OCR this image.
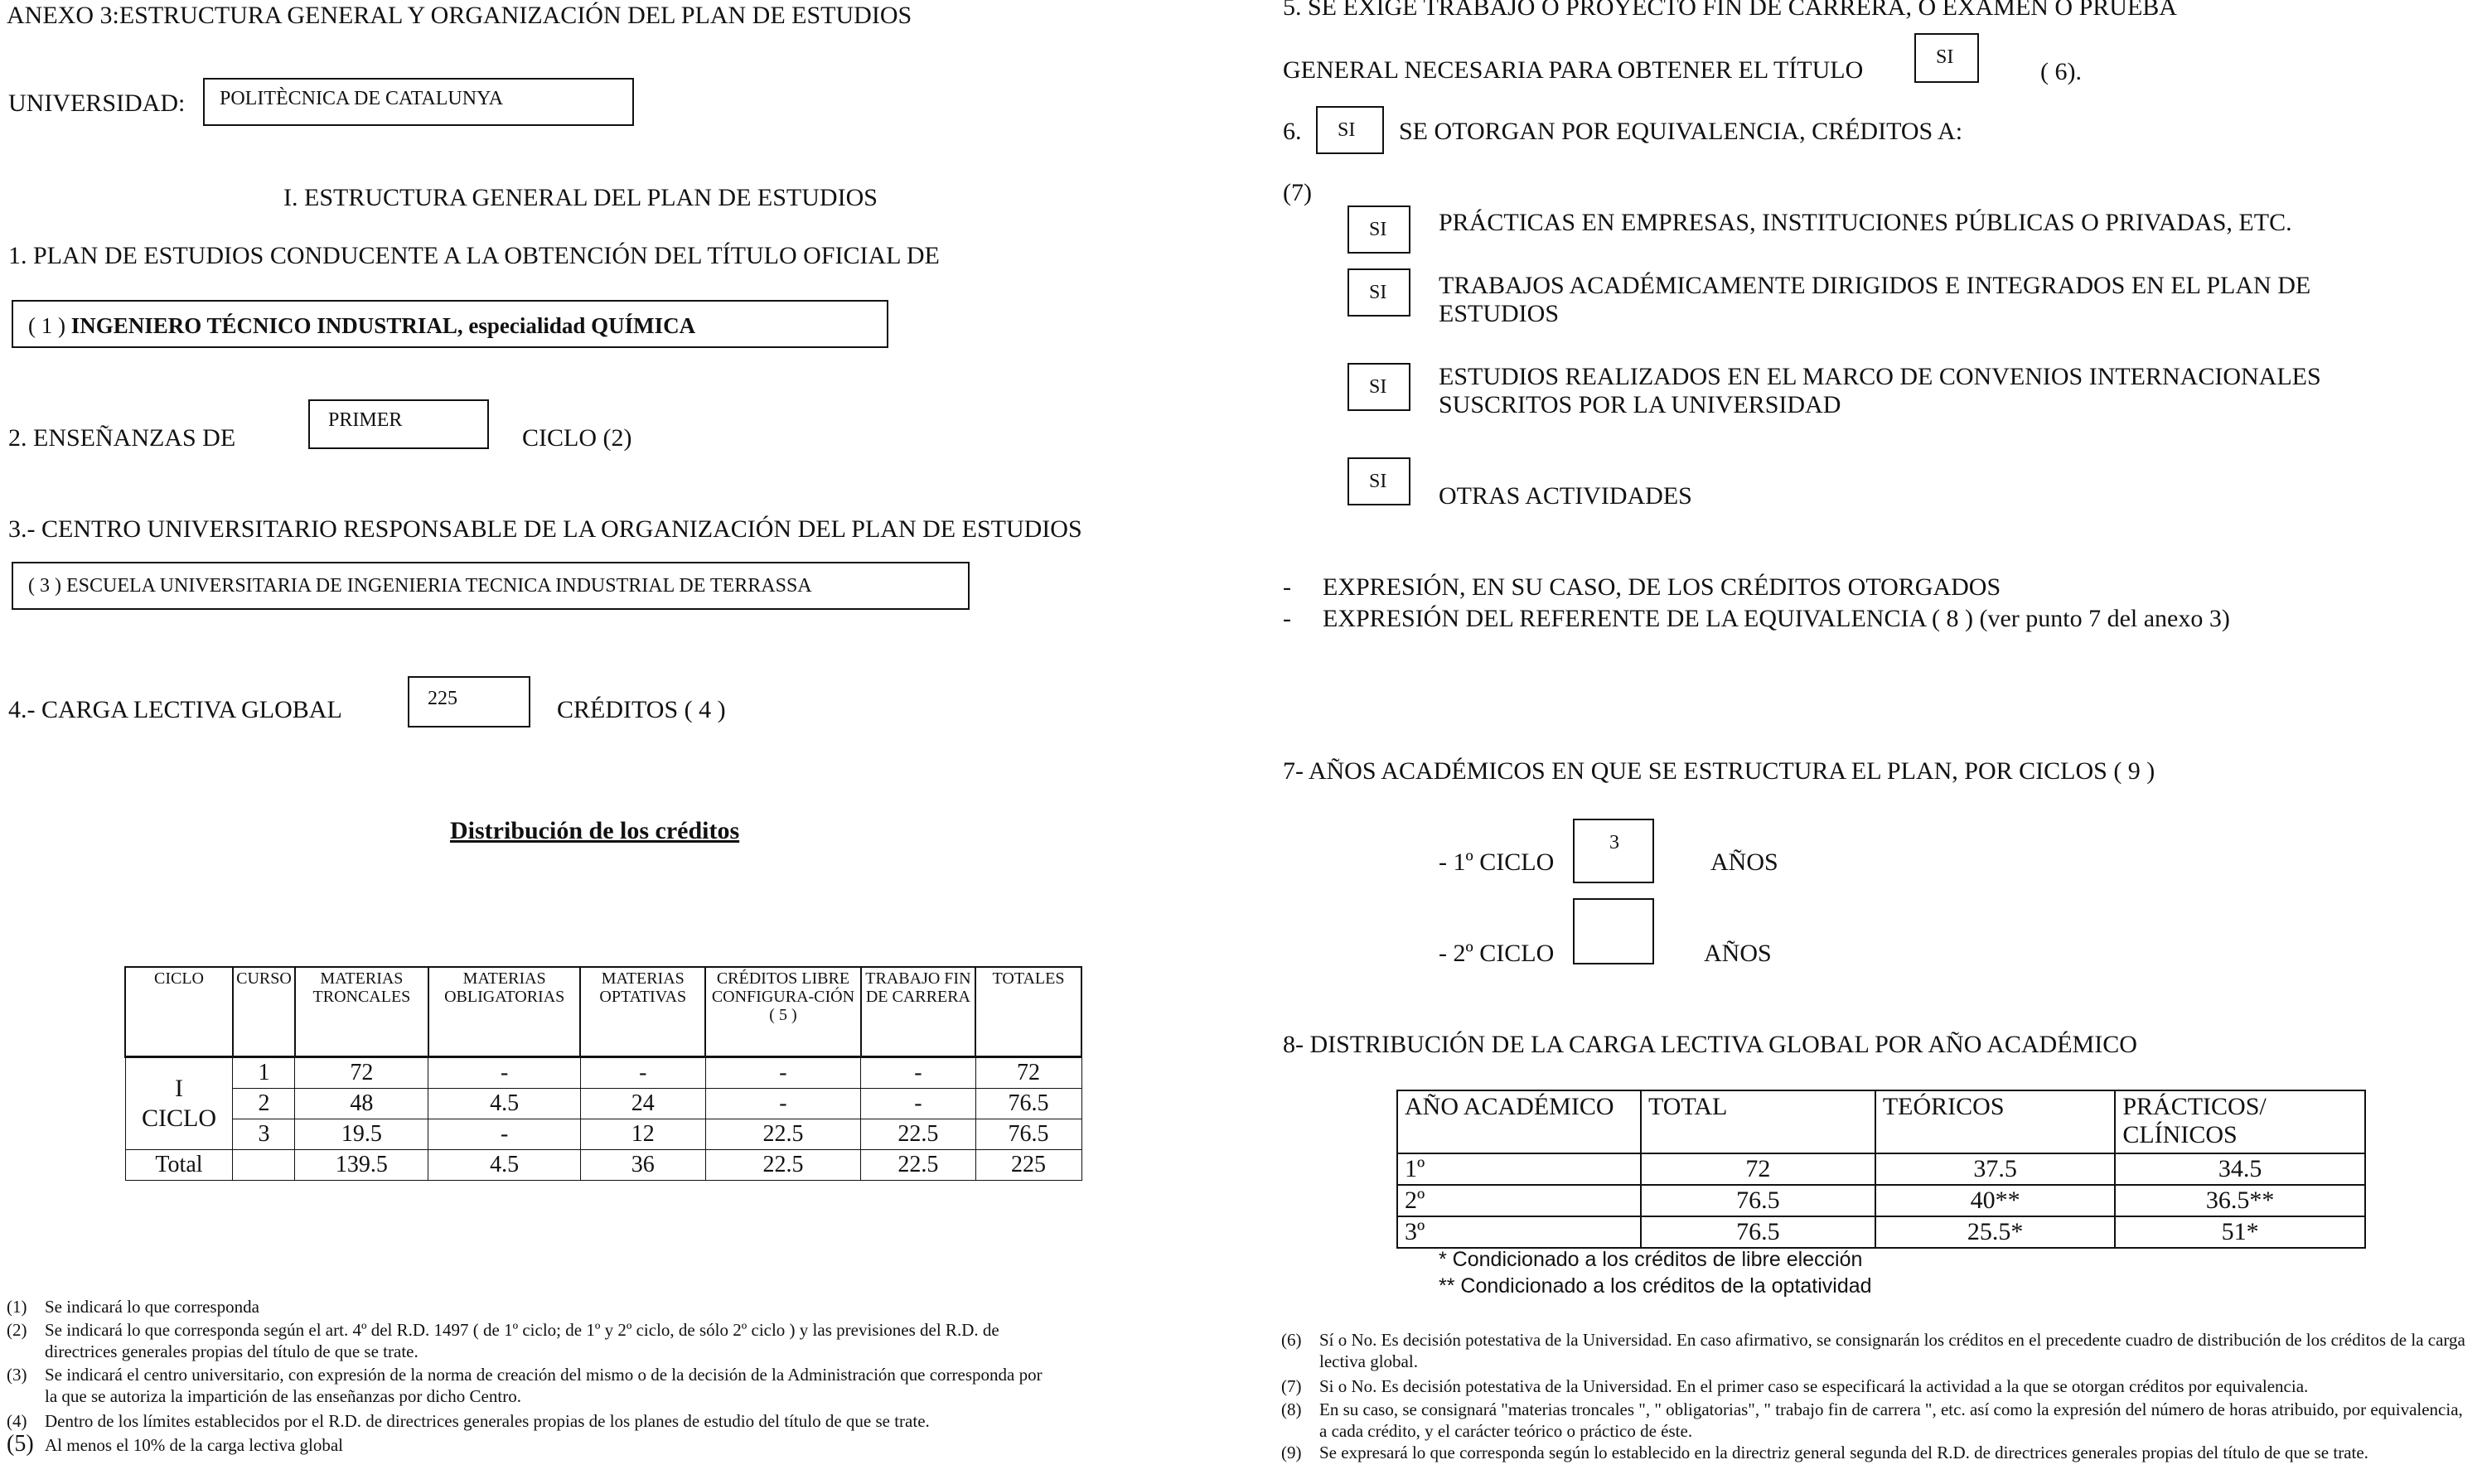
ANEXO 3:ESTRUCTURA GENERAL Y ORGANIZACIÓN DEL PLAN DE ESTUDIOS
UNIVERSIDAD: POLITÈCNICA DE CATALUNYA
I. ESTRUCTURA GENERAL DEL PLAN DE ESTUDIOS
1. PLAN DE ESTUDIOS CONDUCENTE A LA OBTENCIÓN DEL TÍTULO OFICIAL DE
( 1 ) INGENIERO TÉCNICO INDUSTRIAL, especialidad QUÍMICA
2. ENSEÑANZAS DE
PRIMER
CICLO (2)
3.- CENTRO UNIVERSITARIO RESPONSABLE DE LA ORGANIZACIÓN DEL PLAN DE ESTUDIOS
( 3 ) ESCUELA UNIVERSITARIA DE INGENIERIA TECNICA INDUSTRIAL DE TERRASSA
4.- CARGA LECTIVA GLOBAL	225	CRÉDITOS ( 4 )
Distribución de los créditos
CICLO	CURSO	MATERIAS TRONCALES	MATERIAS OBLIGATORIAS	MATERIAS OPTATIVAS	CRÉDITOS LIBRE CONFIGURA-CIÓN ( 5 )	TRABAJO FIN DE CARRERA	TOTALES
I
CICLO	1	72	-	-	-	-	72
	2	48	4.5	24	-	-	76.5
	3	19.5	-	12	22.5	22.5	76.5
Total		139.5	4.5	36	22.5	22.5	225
(1) Se indicará lo que corresponda
(2) Se indicará lo que corresponda según el art. 4º del R.D. 1497 ( de 1º ciclo; de 1º y 2º ciclo, de sólo 2º ciclo ) y las previsiones del R.D. de
directrices generales propias del título de que se trate.
(3) Se indicará el centro universitario, con expresión de la norma de creación del mismo o de la decisión de la Administración que corresponda por
la que se autoriza la impartición de las enseñanzas por dicho Centro.
(4) Dentro de los límites establecidos por el R.D. de directrices generales propias de los planes de estudio del título de que se trate.
(5) Al menos el 10% de la carga lectiva global
5. SE EXIGE TRABAJO O PROYECTO FIN DE CARRERA, O EXAMEN O PRUEBA
GENERAL NECESARIA PARA OBTENER EL TÍTULO	SI
( 6).
6. SI SE OTORGAN POR EQUIVALENCIA, CRÉDITOS A:
(7)
SI PRÁCTICAS EN EMPRESAS, INSTITUCIONES PÚBLICAS O PRIVADAS, ETC.
SI TRABAJOS ACADÉMICAMENTE DIRIGIDOS E INTEGRADOS EN EL PLAN DE
ESTUDIOS
SI ESTUDIOS REALIZADOS EN EL MARCO DE CONVENIOS INTERNACIONALES
SUSCRITOS POR LA UNIVERSIDAD
SI
OTRAS ACTIVIDADES
- EXPRESIÓN, EN SU CASO, DE LOS CRÉDITOS OTORGADOS
- EXPRESIÓN DEL REFERENTE DE LA EQUIVALENCIA ( 8 ) (ver punto 7 del anexo 3)
7- AÑOS ACADÉMICOS EN QUE SE ESTRUCTURA EL PLAN, POR CICLOS ( 9 )
- 1º CICLO
3
AÑOS
- 2º CICLO	AÑOS
8- DISTRIBUCIÓN DE LA CARGA LECTIVA GLOBAL POR AÑO ACADÉMICO
AÑO ACADÉMICO	TOTAL	TEÓRICOS	PRÁCTICOS/ CLÍNICOS
1º	72	37.5	34.5
2º	76.5	40**	36.5**
3º	76.5	25.5*	51*
* Condicionado a los créditos de libre elección
** Condicionado a los créditos de la optatividad
(6) Sí o No. Es decisión potestativa de la Universidad. En caso afirmativo, se consignarán los créditos en el precedente cuadro de distribución de los créditos de la carga lectiva global.
(7) Si o No. Es decisión potestativa de la Universidad. En el primer caso se especificará la actividad a la que se otorgan créditos por equivalencia.
(8) En su caso, se consignará "materias troncales ", " obligatorias", " trabajo fin de carrera ", etc. así como la expresión del número de horas atribuido, por equivalencia, a cada crédito, y el carácter teórico o práctico de éste.
(9) Se expresará lo que corresponda según lo establecido en la directriz general segunda del R.D. de directrices generales propias del título de que se trate.
